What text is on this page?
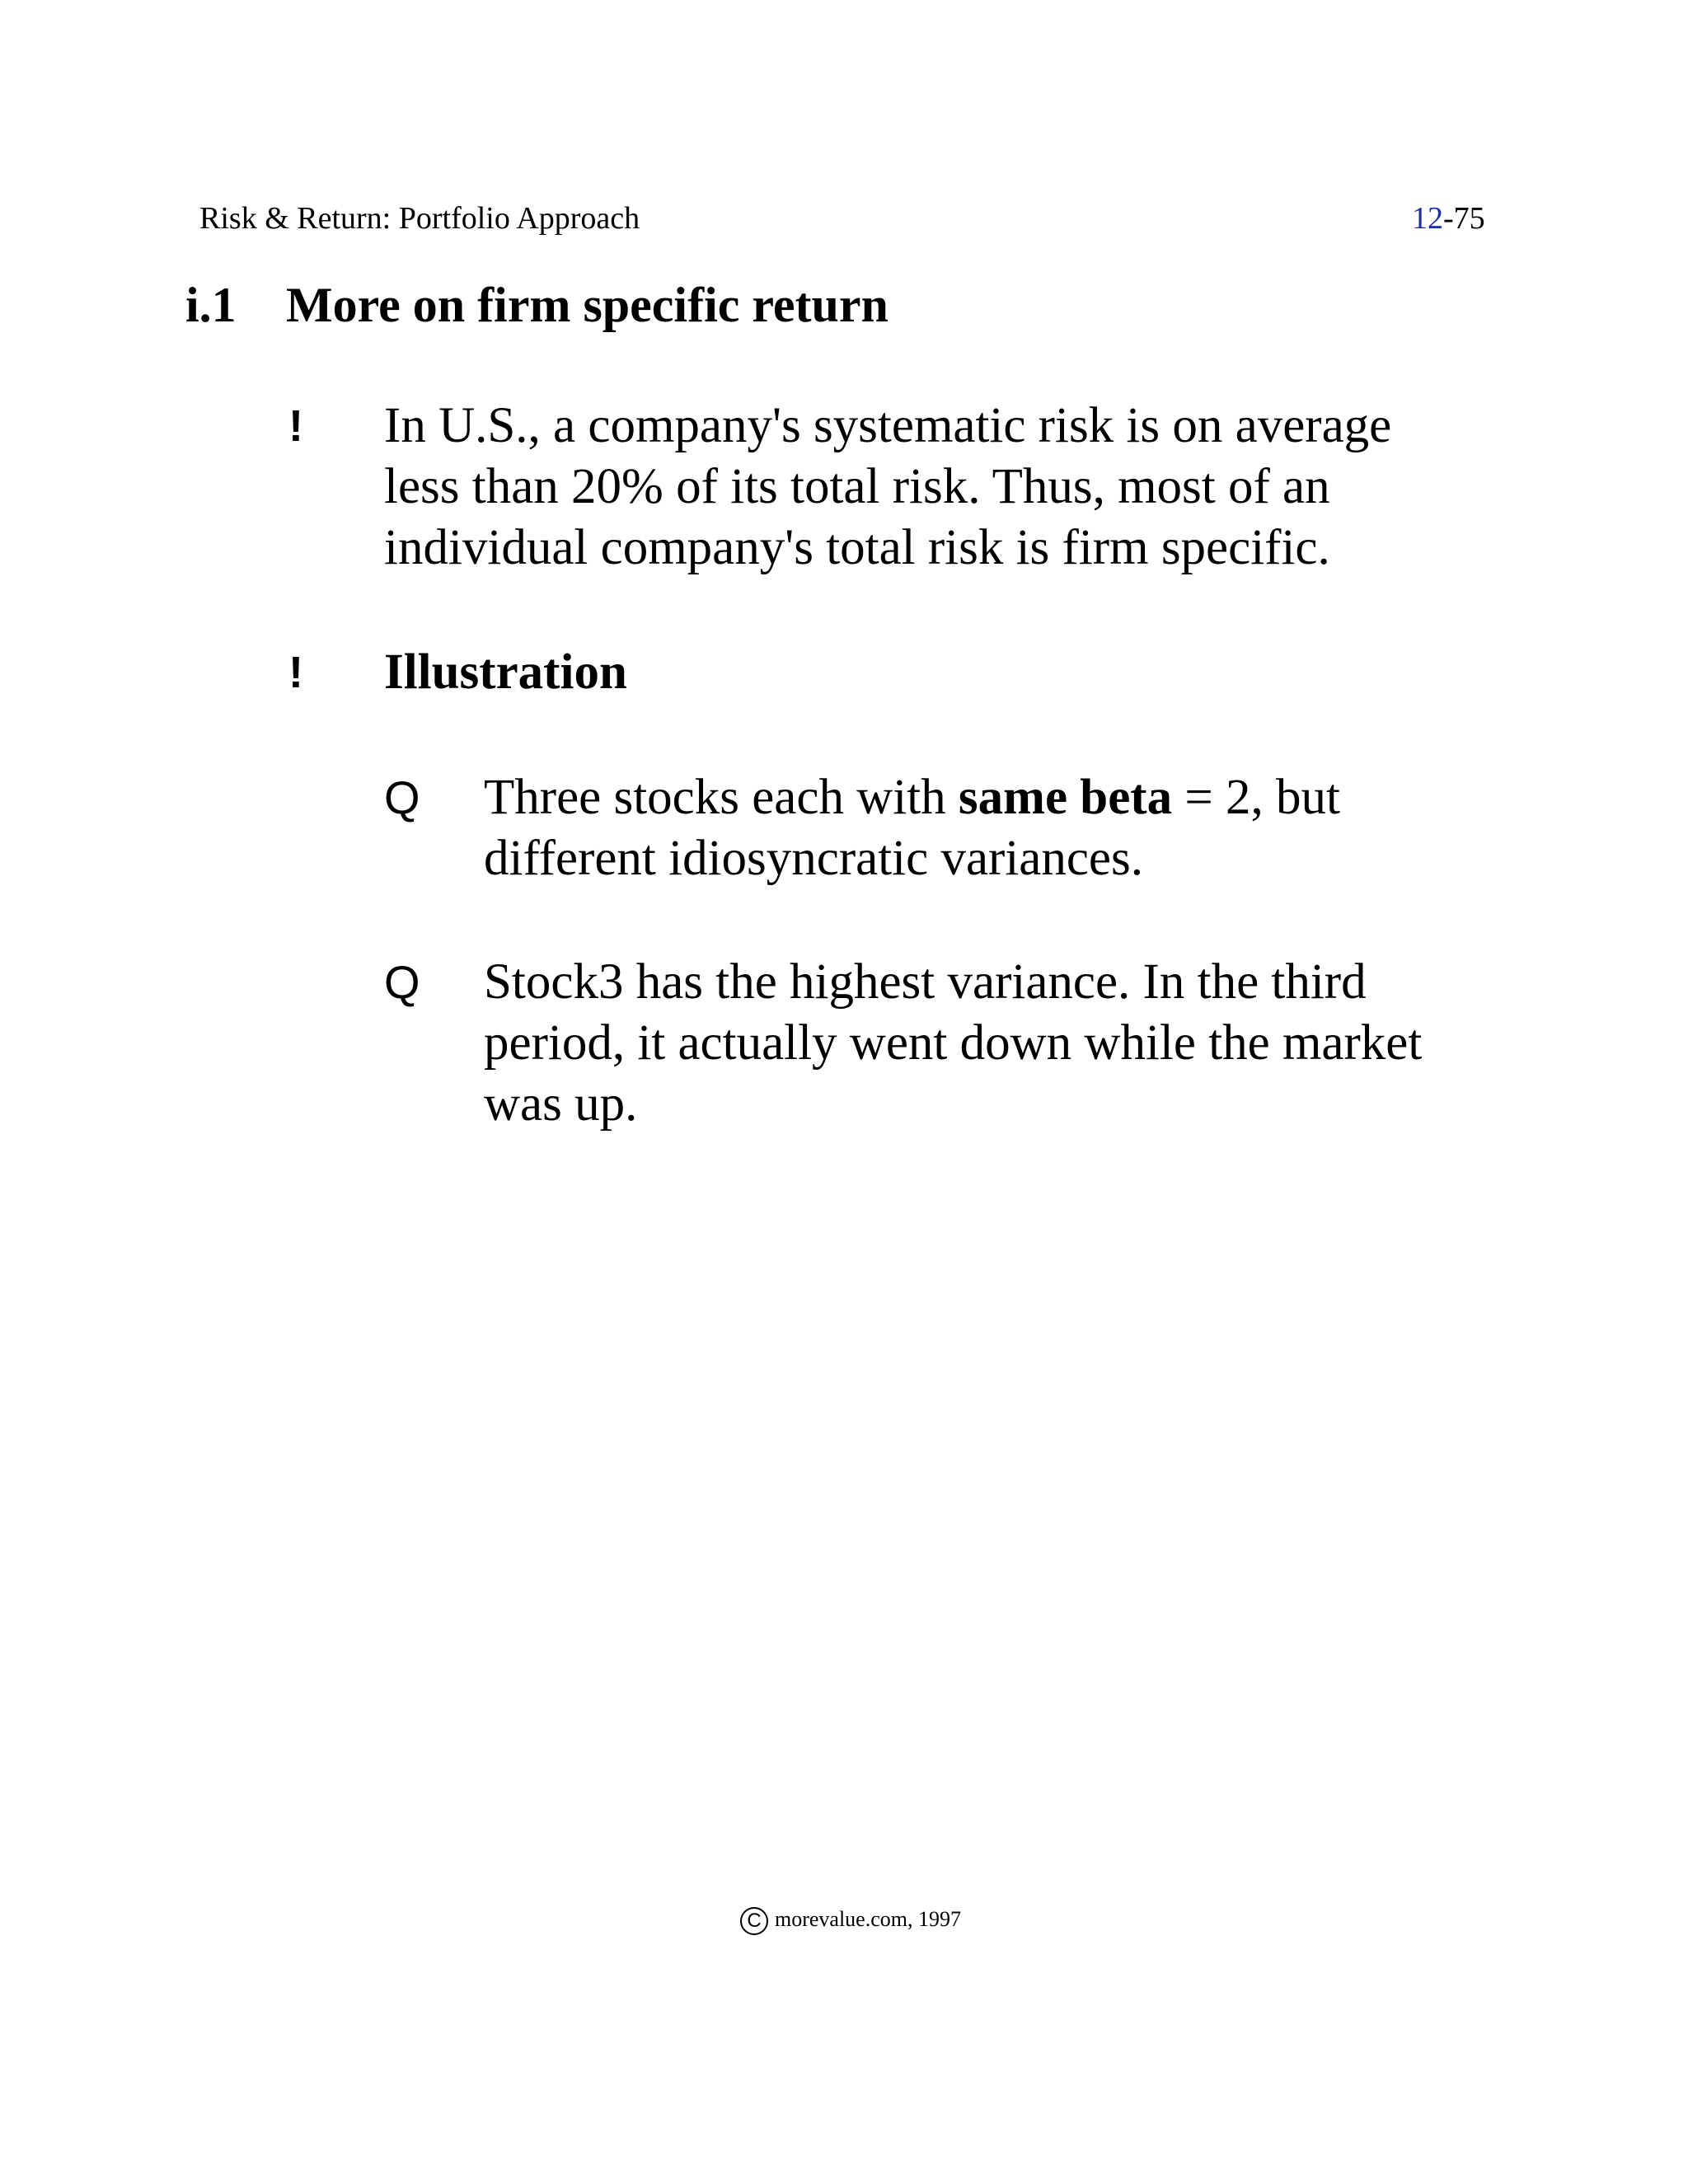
Risk & Return: Portfolio Approach	12-75
i.1 More on firm specific return
! In U.S., a company's systematic risk is on average
less than 20% of its total risk. Thus, most of an
individual company's total risk is firm specific.
! Illustration
Q Three stocks each with same beta = 2, but
different idiosyncratic variances.
Q Stock3 has the highest variance. In the third
period, it actually went down while the market
was up.
C morevalue.com, 1997
